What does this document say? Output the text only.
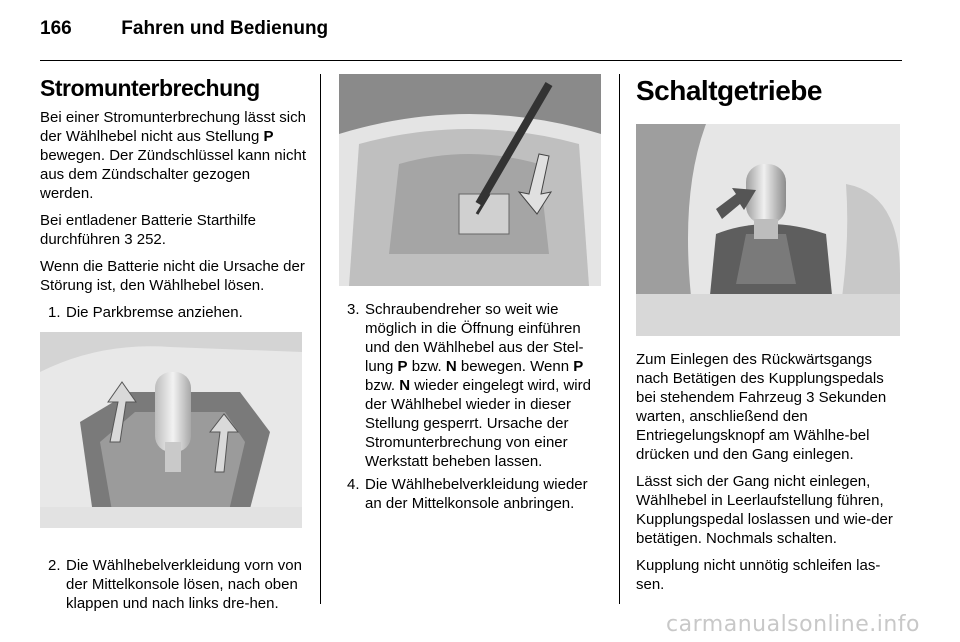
166	Fahren und Bedienung
Stromunterbrechung

Bei einer Stromunterbrechung lässt sich der Wählhebel nicht aus Stellung P bewegen. Der Zündschlüssel kann nicht aus dem Zündschalter gezogen werden.

Bei entladener Batterie Starthilfe durchführen 3 252.

Wenn die Batterie nicht die Ursache der Störung ist, den Wählhebel lösen.

1. Die Parkbremse anziehen.
2. Die Wählhebelverkleidung vorn von der Mittelkonsole lösen, nach oben klappen und nach links dre-hen.
3. Schraubendreher so weit wie möglich in die Öffnung einführen und den Wählhebel aus der Stel-lung P bzw. N bewegen. Wenn P bzw. N wieder eingelegt wird, wird der Wählhebel wieder in dieser Stellung gesperrt. Ursache der Stromunterbrechung von einer Werkstatt beheben lassen.
4. Die Wählhebelverkleidung wieder an der Mittelkonsole anbringen.
Schaltgetriebe

Zum Einlegen des Rückwärtsgangs nach Betätigen des Kupplungspedals bei stehendem Fahrzeug 3 Sekunden warten, anschließend den Entriegelungsknopf am Wählhe-bel drücken und den Gang einlegen.

Lässt sich der Gang nicht einlegen, Wählhebel in Leerlaufstellung führen, Kupplungspedal loslassen und wie-der betätigen. Nochmals schalten.

Kupplung nicht unnötig schleifen las-sen.

carmanualsonline.info
